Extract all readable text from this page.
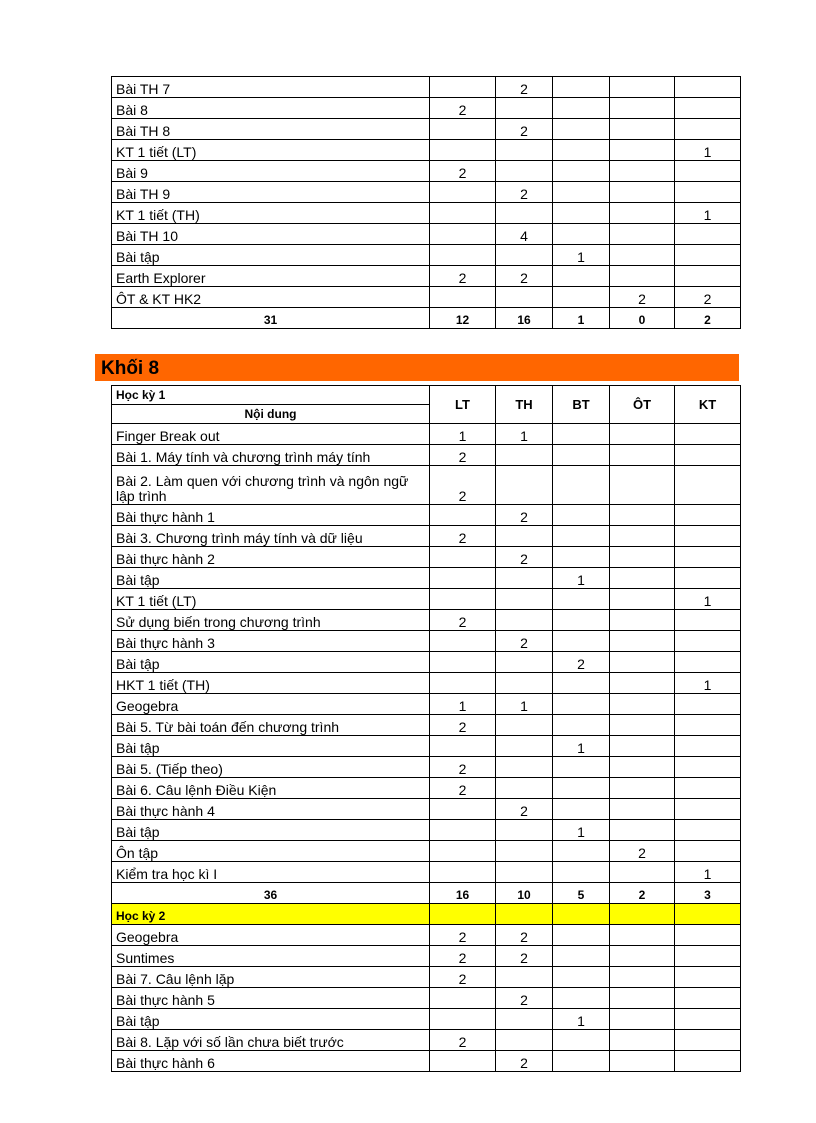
Bài TH 7		2			
Bài 8	2				
Bài TH 8		2			
KT 1 tiết (LT)					1
Bài 9	2				
Bài TH 9		2			
KT 1 tiết (TH)					1
Bài TH 10		4			
Bài tập			1		
Earth Explorer	2	2			
ÔT & KT HK2				2	2
31	12	16	1	0	2
Khối 8
Học kỳ 1	LT	TH	BT	ÔT	KT
Nội dung					
Finger Break out	1	1			
Bài 1. Máy tính và chương trình máy tính	2				
Bài 2. Làm quen với chương trình và ngôn ngữ lập trình	2				
Bài thực hành 1		2			
Bài 3. Chương trình máy tính và dữ liệu	2				
Bài thực hành 2		2			
Bài tập			1		
KT 1 tiết (LT)					1
Sử dụng biến trong chương trình	2				
Bài thực hành 3		2			
Bài tập			2		
HKT 1 tiết (TH)					1
Geogebra	1	1			
Bài 5. Từ bài toán đến chương trình	2				
Bài tập			1		
Bài 5. (Tiếp theo)	2				
Bài 6. Câu lệnh Điều Kiện	2				
Bài thực hành 4		2			
Bài tập			1		
Ôn tập				2	
Kiểm tra học kì I					1
36	16	10	5	2	3
Học kỳ 2					
Geogebra	2	2			
Suntimes	2	2			
Bài 7. Câu lệnh lặp	2				
Bài thực hành 5		2			
Bài tập			1		
Bài 8. Lặp với số lần chưa biết trước	2				
Bài thực hành 6		2			
